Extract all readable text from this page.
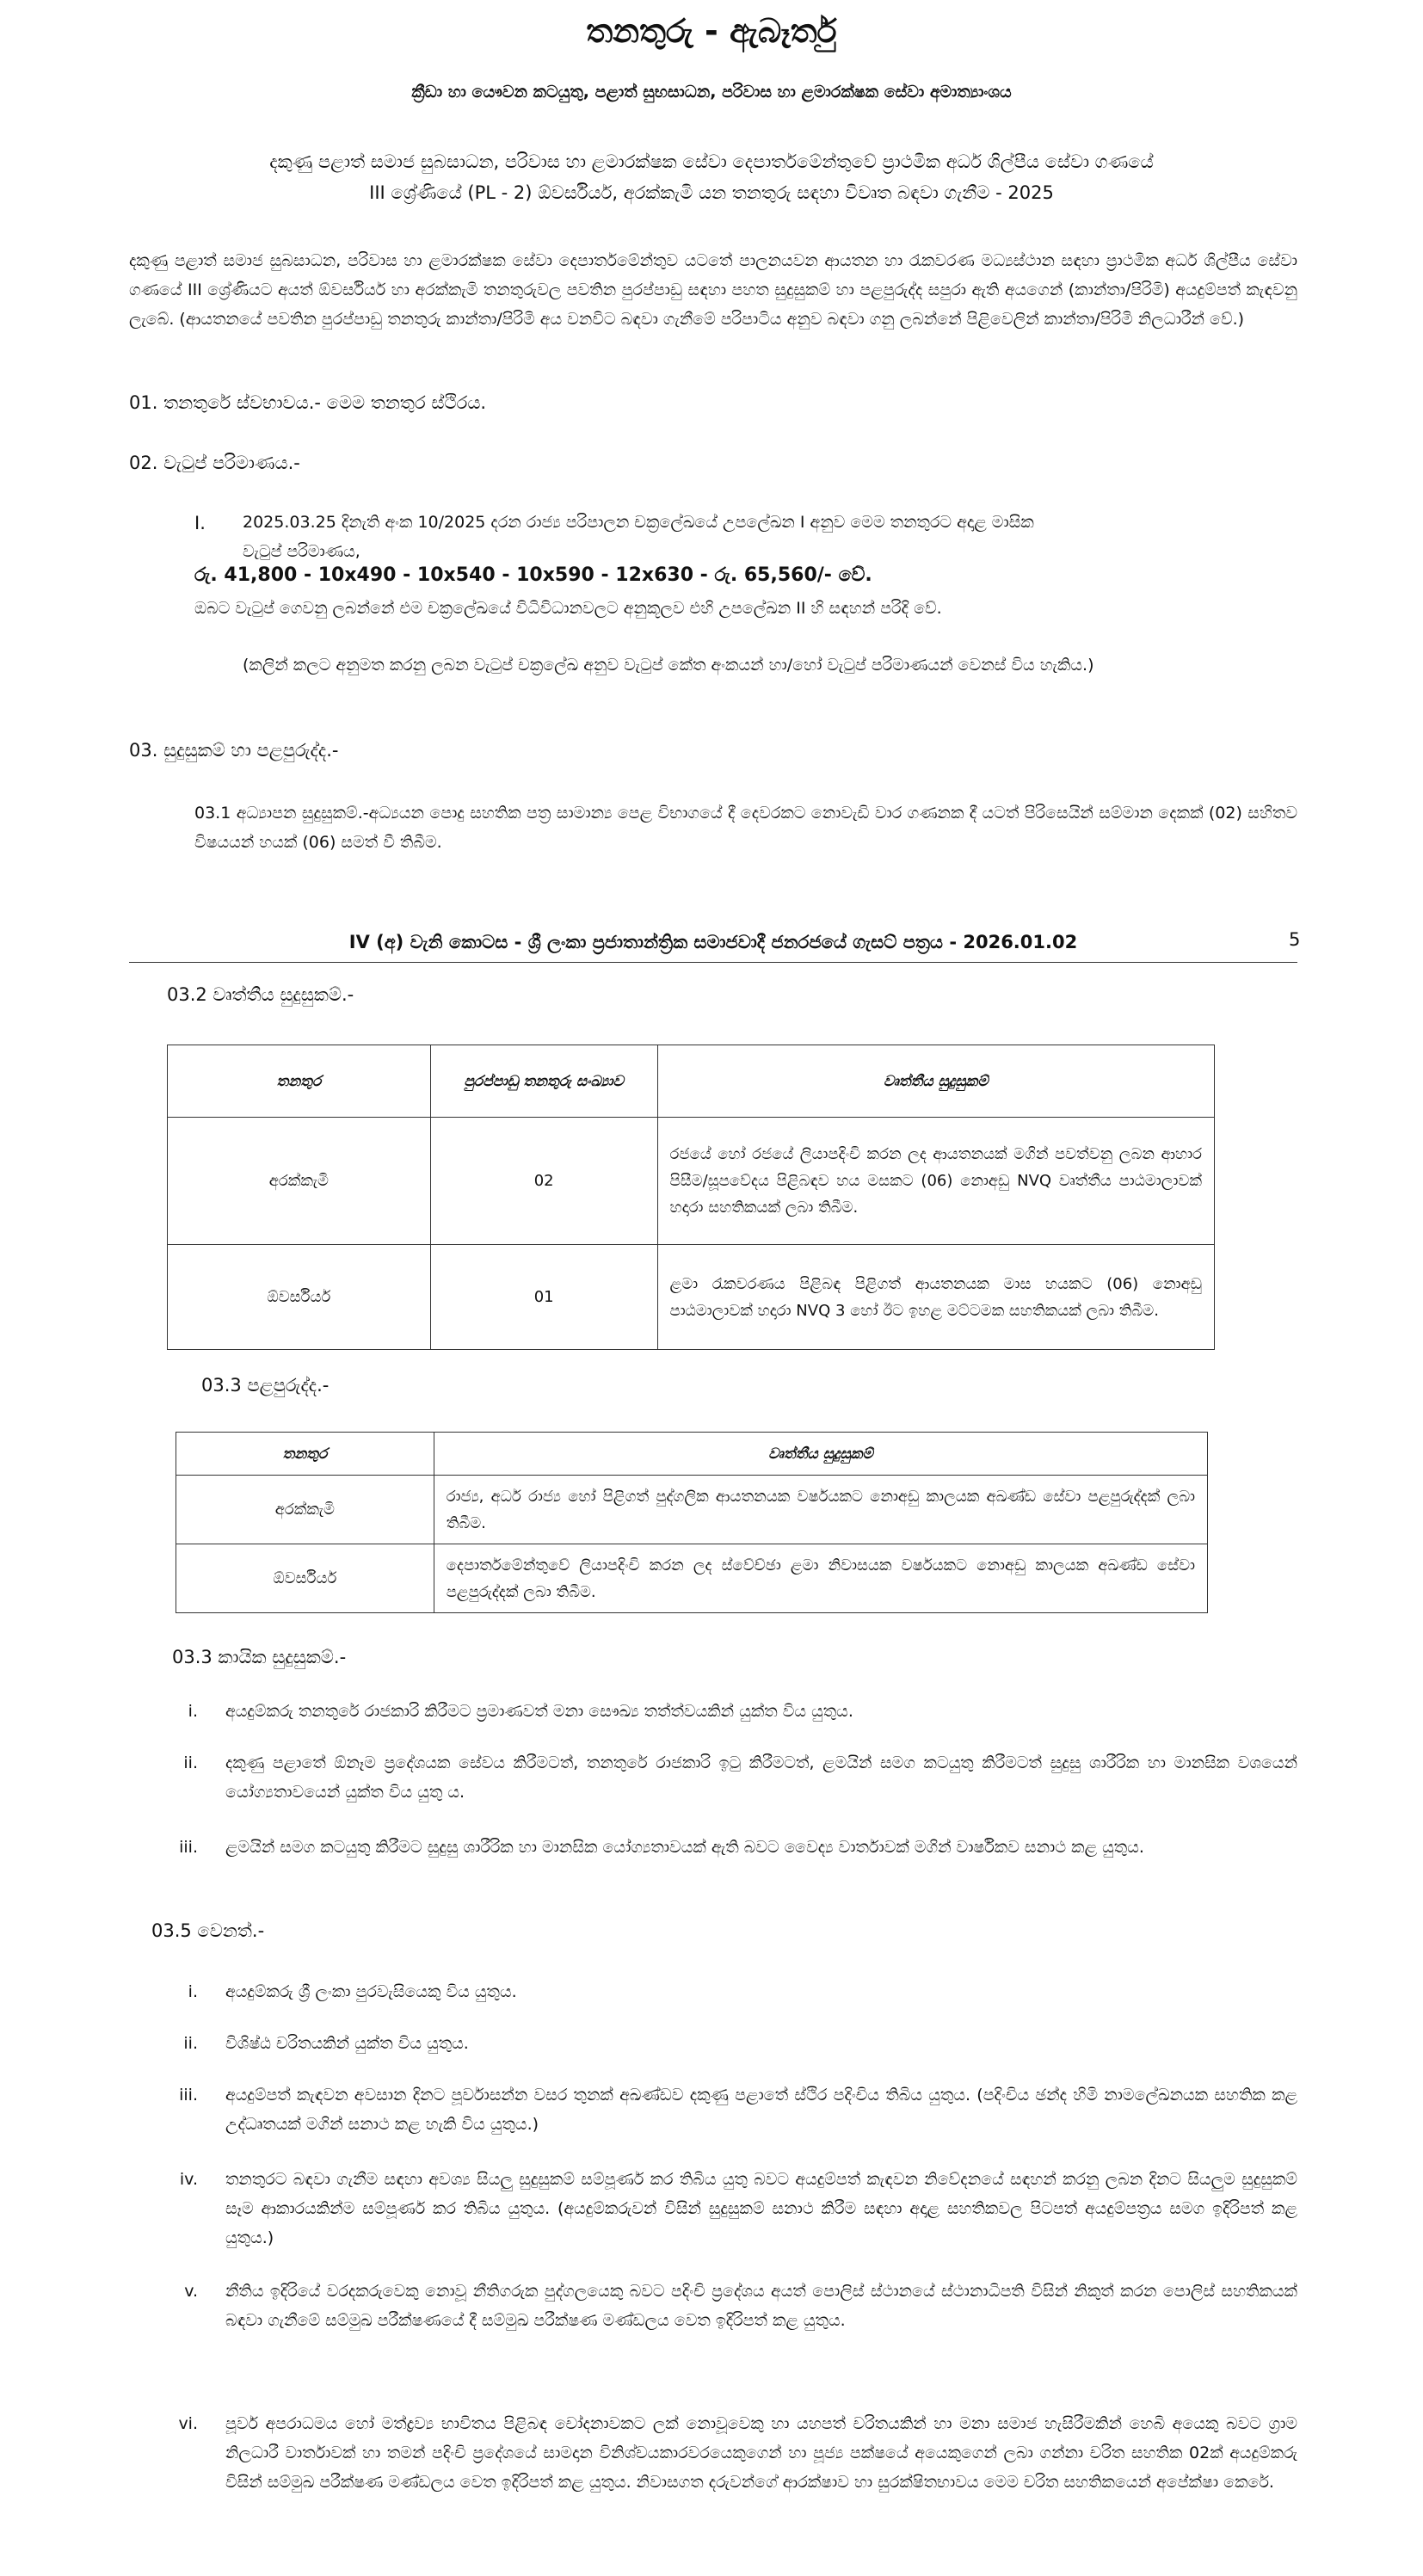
තනතුරු - ඇබෑර්තු
ක්‍රීඩා හා යෞවන කටයුතු, පළාත් සුභසාධන, පරිවාස හා ළමාරක්ෂක සේවා අමාත්‍යාංශය
දකුණු පළාත් සමාජ සුබසාධන, පරිවාස හා ළමාරක්ෂක සේවා දෙපාර්තමේන්තුවේ ප්‍රාථමික අර්ධ ශිල්පීය සේවා ගණයේ
III ශ්‍රේණියේ (PL - 2) ඕවර්සියර්, අරක්කැමි යන තනතුරු සඳහා විවෘත බඳවා ගැනීම - 2025
දකුණු පළාත් සමාජ සුබසාධන, පරිවාස හා ළමාරක්ෂක සේවා දෙපාර්තමේන්තුව යටතේ පාලනයවන ආයතන හා රැකවරණ මධ්‍යස්ථාන සඳහා ප්‍රාථමික අර්ධ ශිල්පීය සේවා ගණයේ III ශ්‍රේණියට අයත් ඕවර්සියර් හා අරක්කැමි තනතුරුවල පවතින පුරප්පාඩු සඳහා පහත සුදුසුකම් හා පළපුරුද්ද සපුරා ඇති අයගෙන් (කාන්තා/පිරිමි) අයදුම්පත් කැඳවනු ලැබේ. (ආයතනයේ පවතින පුරප්පාඩු තනතුරු කාන්තා/පිරිමි අය වනවිට බඳවා ගැනීමේ පරිපාටිය අනුව බඳවා ගනු ලබන්නේ පිළිවෙලින් කාන්තා/පිරිමි නිලධාරීන් වේ.)
01. තනතුරේ ස්වභාවය.- මෙම තනතුර ස්ථිරය.
02. වැටුප් පරිමාණය.-
I. 2025.03.25 දිනැති අංක 10/2025 දරන රාජ්‍ය පරිපාලන චක්‍රලේඛයේ උපලේඛන I අනුව මෙම තනතුරට අදාළ මාසික
වැටුප් පරිමාණය,
රු. 41,800 - 10x490 - 10x540 - 10x590 - 12x630 - රු. 65,560/- වේ.
ඔබට වැටුප් ගෙවනු ලබන්නේ එම චක්‍රලේඛයේ විධිවිධානවලට අනුකූලව එහි උපලේඛන II හි සඳහන් පරිදි වේ.
(කලින් කලට අනුමත කරනු ලබන වැටුප් චක්‍රලේඛ අනුව වැටුප් කේත අංකයන් හා/හෝ වැටුප් පරිමාණයන් වෙනස් විය හැකිය.)
03. සුදුසුකම් හා පළපුරුද්ද.-
03.1 අධ්‍යාපන සුදුසුකම්.-අධ්‍යයන පොදු සහතික පත්‍ර සාමාන්‍ය පෙළ විභාගයේ දී දෙවරකට නොවැඩි වාර ගණනක දී යටත් පිරිසෙයින් සම්මාන දෙකක් (02) සහිතව විෂයයන් හයක් (06) සමත් වී තිබීම.
IV (අ) වැනි කොටස - ශ්‍රී ලංකා ප්‍රජාතාන්ත්‍රික සමාජවාදී ජනරජයේ ගැසට් පත්‍රය - 2026.01.02	5
03.2 වෘත්තීය සුදුසුකම්.-
තනතුර	පුරප්පාඩු තනතුරු සංඛ්‍යාව	වෘත්තීය සුදුසුකම්
අරක්කැමි	02	රජයේ හෝ රජයේ ලියාපදිංචි කරන ලද ආයතනයක් මගින් පවත්වනු ලබන ආහාර පිසීම/සූපවේදය පිළිබඳව හය මසකට (06) නොඅඩු NVQ වෘත්තීය පාඨමාලාවක් හදාරා සහතිකයක් ලබා තිබීම.
ඕවර්සියර්	01	ළමා රැකවරණය පිළිබඳ පිළිගත් ආයතනයක මාස හයකට (06) නොඅඩු පාඨමාලාවක් හදාරා NVQ 3 හෝ ඊට ඉහළ මට්ටමක සහතිකයක් ලබා තිබීම.
03.3 පළපුරුද්ද.-
තනතුර	වෘත්තීය සුදුසුකම්
අරක්කැමි	රාජ්‍ය, අර්ධ රාජ්‍ය හෝ පිළිගත් පුද්ගලික ආයතනයක වර්ෂයකට නොඅඩු කාලයක අඛණ්ඩ සේවා පළපුරුද්දක් ලබා තිබීම.
ඕවර්සියර්	දෙපාර්තමේන්තුවේ ලියාපදිංචි කරන ලද ස්වේච්ඡා ළමා නිවාසයක වර්ෂයකට නොඅඩු කාලයක අඛණ්ඩ සේවා පළපුරුද්දක් ලබා තිබීම.
03.3 කායික සුදුසුකම්.-
i. අයදුම්කරු තනතුරේ රාජකාරි කිරීමට ප්‍රමාණවත් මනා සෞඛ්‍ය තත්ත්වයකින් යුක්ත විය යුතුය.
ii. දකුණු පළාතේ ඕනෑම ප්‍රදේශයක සේවය කිරීමටත්, තනතුරේ රාජකාරි ඉටු කිරීමටත්, ළමයින් සමග කටයුතු කිරීමටත් සුදුසු ශාරීරික හා මානසික වශයෙන් යෝග්‍යතාවයෙන් යුක්ත විය යුතු ය.
iii. ළමයින් සමග කටයුතු කිරීමට සුදුසු ශාරීරික හා මානසික යෝග්‍යතාවයක් ඇති බවට වෛද්‍ය වාර්තාවක් මගින් වාර්ෂිකව සනාථ කළ යුතුය.
03.5 වෙනත්.-
i. අයදුම්කරු ශ්‍රී ලංකා පුරවැසියෙකු විය යුතුය.
ii. විශිෂ්ඨ චරිතයකින් යුක්ත විය යුතුය.
iii. අයදුම්පත් කැඳවන අවසාන දිනට පූර්වාසන්න වසර තුනක් අඛණ්ඩව දකුණු පළාතේ ස්ථිර පදිංචිය තිබිය යුතුය. (පදිංචිය ඡන්ද හිමි නාමලේඛනයක සහතික කළ උද්ධෘතයක් මගින් සනාථ කළ හැකි විය යුතුය.)
iv. තනතුරට බඳවා ගැනීම සඳහා අවශ්‍ය සියලු සුදුසුකම් සම්පූර්ණ කර තිබිය යුතු බවට අයදුම්පත් කැඳවන නිවේදනයේ සඳහන් කරනු ලබන දිනට සියලුම සුදුසුකම් සෑම ආකාරයකින්ම සම්පූර්ණ කර තිබිය යුතුය. (අයදුම්කරුවන් විසින් සුදුසුකම් සනාථ කිරීම සඳහා අදාළ සහතිකවල පිටපත් අයදුම්පත්‍රය සමග ඉදිරිපත් කළ යුතුය.)
v. නීතිය ඉදිරියේ වරදකරුවෙකු නොවූ නීතිගරුක පුද්ගලයෙකු බවට පදිංචි ප්‍රදේශය අයත් පොලිස් ස්ථානයේ ස්ථානාධිපති විසින් නිකුත් කරන පොලිස් සහතිකයක් බඳවා ගැනීමේ සම්මුඛ පරීක්ෂණයේ දී සම්මුඛ පරීක්ෂණ මණ්ඩලය වෙත ඉදිරිපත් කළ යුතුය.
vi. පූර්ව අපරාධමය හෝ මත්ද්‍රව්‍ය භාවිතය පිළිබඳ චෝදනාවකට ලක් නොවූවෙකු හා යහපත් චරිතයකින් හා මනා සමාජ හැසිරීමකින් හෙබි අයෙකු බවට ග්‍රාම නිලධාරී වාර්තාවක් හා තමන් පදිංචි ප්‍රදේශයේ සාමදාන විනිශ්චයකාරවරයෙකුගෙන් හා පූජ්‍ය පක්ෂයේ අයෙකුගෙන් ලබා ගන්නා චරිත සහතික 02ක් අයදුම්කරු විසින් සම්මුඛ පරීක්ෂණ මණ්ඩලය වෙත ඉදිරිපත් කළ යුතුය. නිවාසගත දරුවන්ගේ ආරක්ෂාව හා සුරක්ෂිතභාවය මෙම චරිත සහතිකයෙන් අපේක්ෂා කෙරේ.
